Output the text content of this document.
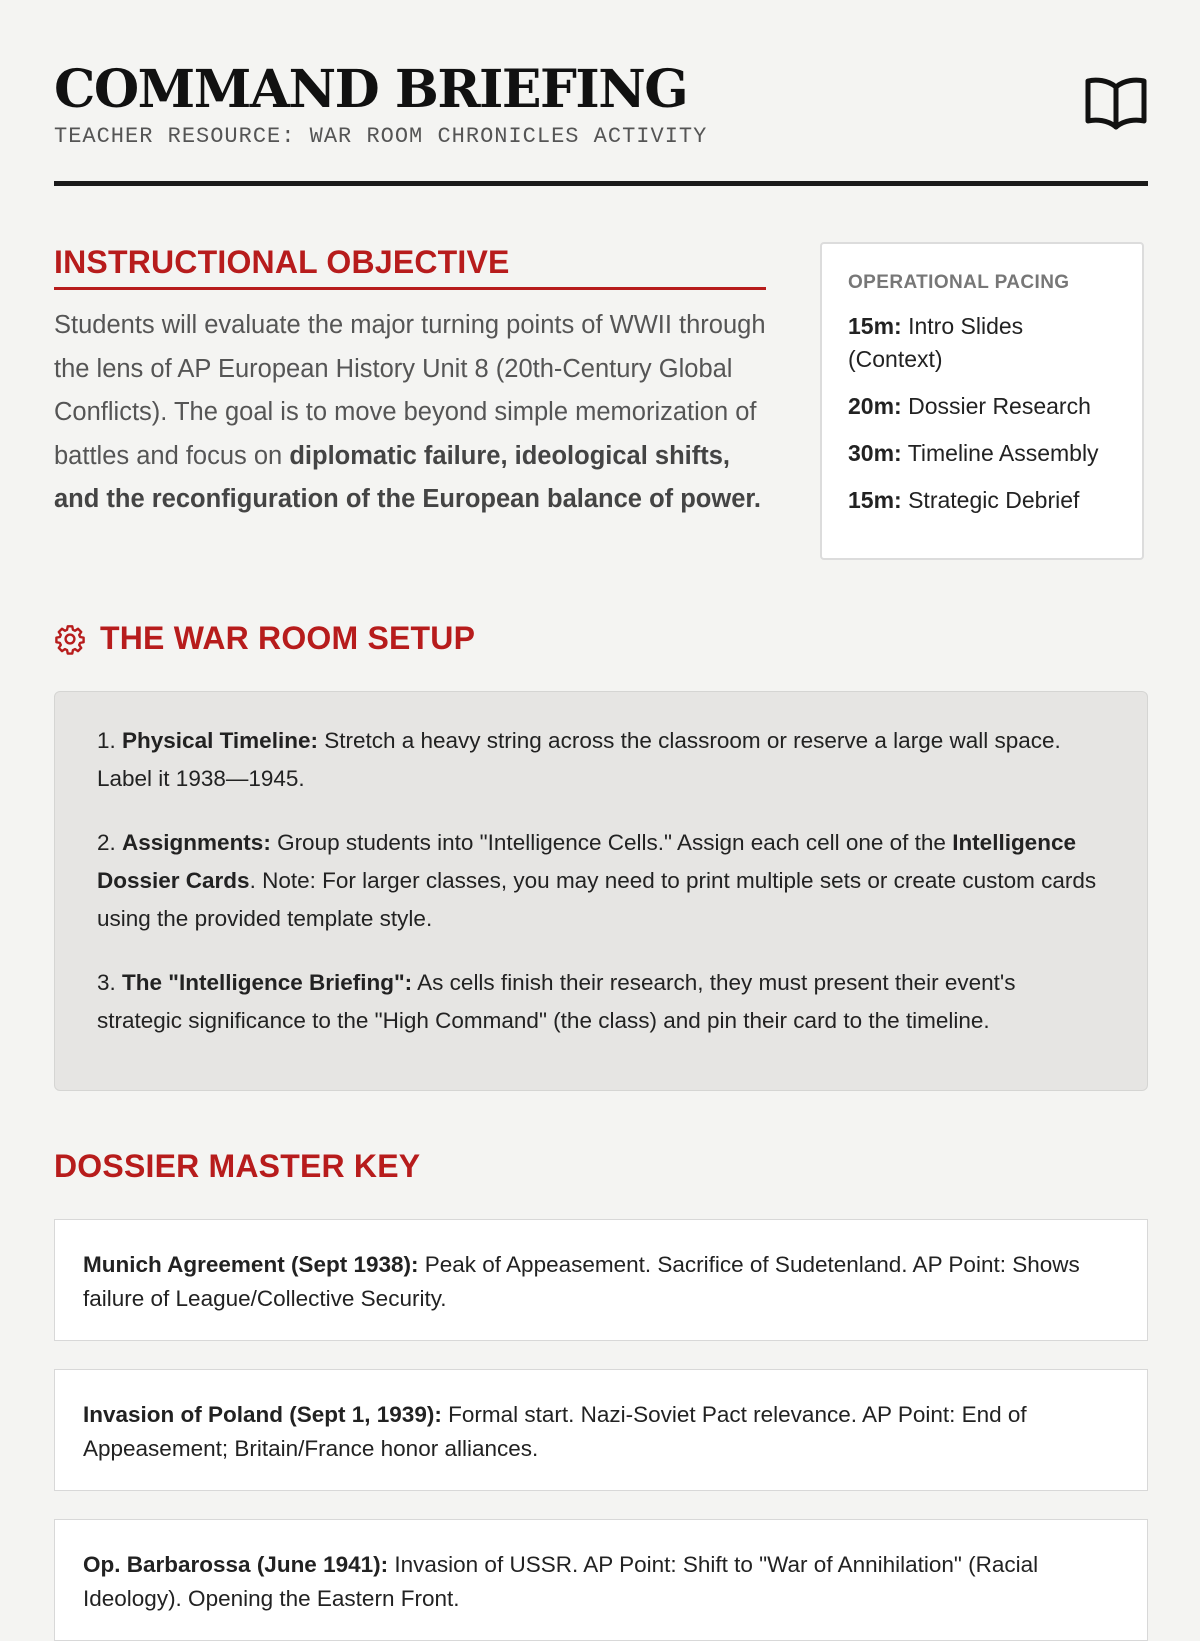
COMMAND BRIEFING
TEACHER RESOURCE: WAR ROOM CHRONICLES ACTIVITY
INSTRUCTIONAL OBJECTIVE

Students will evaluate the major turning points of WWII through the lens of AP European History Unit 8 (20th-Century Global Conflicts). The goal is to move beyond simple memorization of battles and focus on diplomatic failure, ideological shifts, and the reconfiguration of the European balance of power.

OPERATIONAL PACING
15m: Intro Slides (Context)
20m: Dossier Research
30m: Timeline Assembly
15m: Strategic Debrief
THE WAR ROOM SETUP
1. Physical Timeline: Stretch a heavy string across the classroom or reserve a large wall space. Label it 1938—1945.
2. Assignments: Group students into "Intelligence Cells." Assign each cell one of the Intelligence Dossier Cards. Note: For larger classes, you may need to print multiple sets or create custom cards using the provided template style.
3. The "Intelligence Briefing": As cells finish their research, they must present their event's strategic significance to the "High Command" (the class) and pin their card to the timeline.
DOSSIER MASTER KEY
Munich Agreement (Sept 1938): Peak of Appeasement. Sacrifice of Sudetenland. AP Point: Shows failure of League/Collective Security.
Invasion of Poland (Sept 1, 1939): Formal start. Nazi-Soviet Pact relevance. AP Point: End of Appeasement; Britain/France honor alliances.
Op. Barbarossa (June 1941): Invasion of USSR. AP Point: Shift to "War of Annihilation" (Racial Ideology). Opening the Eastern Front.
